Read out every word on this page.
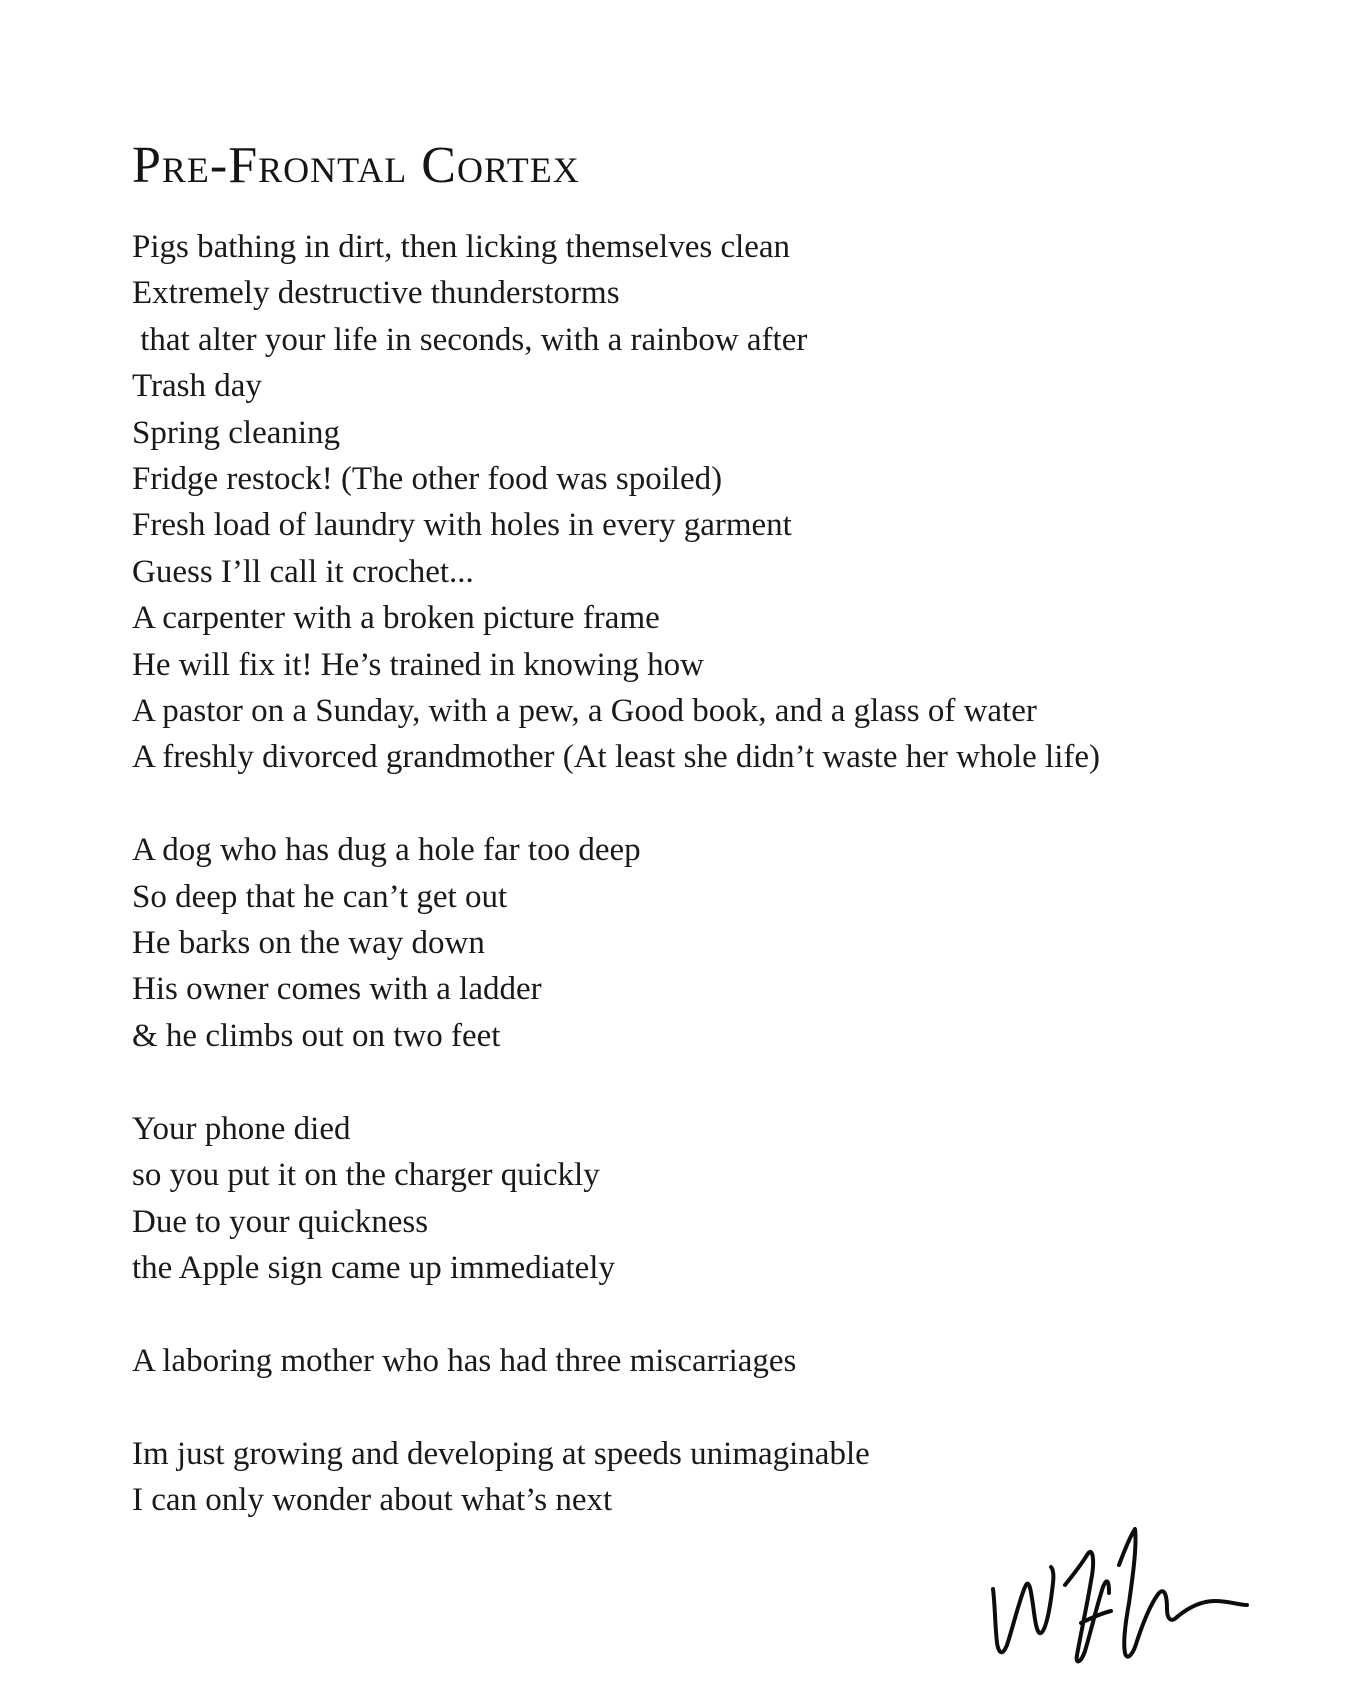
Pre-Frontal Cortex
Pigs bathing in dirt, then licking themselves clean
Extremely destructive thunderstorms
that alter your life in seconds, with a rainbow after
Trash day
Spring cleaning
Fridge restock! (The other food was spoiled)
Fresh load of laundry with holes in every garment
Guess I’ll call it crochet...
A carpenter with a broken picture frame
He will fix it! He’s trained in knowing how
A pastor on a Sunday, with a pew, a Good book, and a glass of water
A freshly divorced grandmother (At least she didn’t waste her whole life)
A dog who has dug a hole far too deep
So deep that he can’t get out
He barks on the way down
His owner comes with a ladder
& he climbs out on two feet
Your phone died
so you put it on the charger quickly
Due to your quickness
the Apple sign came up immediately
A laboring mother who has had three miscarriages
Im just growing and developing at speeds unimaginable
I can only wonder about what’s next
